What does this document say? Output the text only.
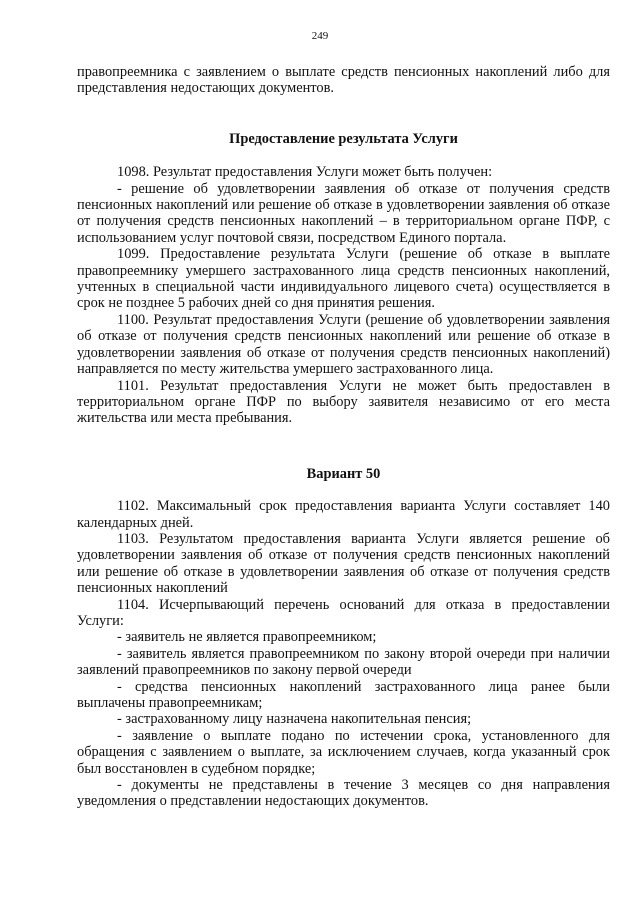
249

правопреемника с заявлением о выплате средств пенсионных накоплений либо для представления недостающих документов.

Предоставление результата Услуги

1098. Результат предоставления Услуги может быть получен:

- решение об удовлетворении заявления об отказе от получения средств пенсионных накоплений или решение об отказе в удовлетворении заявления об отказе от получения средств пенсионных накоплений – в территориальном органе ПФР, с использованием услуг почтовой связи, посредством Единого портала.

1099. Предоставление результата Услуги (решение об отказе в выплате правопреемнику умершего застрахованного лица средств пенсионных накоплений, учтенных в специальной части индивидуального лицевого счета) осуществляется в срок не позднее 5 рабочих дней со дня принятия решения.

1100. Результат предоставления Услуги (решение об удовлетворении заявления об отказе от получения средств пенсионных накоплений или решение об отказе в удовлетворении заявления об отказе от получения средств пенсионных накоплений) направляется по месту жительства умершего застрахованного лица.

1101. Результат предоставления Услуги не может быть предоставлен в территориальном органе ПФР по выбору заявителя независимо от его места жительства или места пребывания.

Вариант 50

1102. Максимальный срок предоставления варианта Услуги составляет 140 календарных дней.

1103. Результатом предоставления варианта Услуги является решение об удовлетворении заявления об отказе от получения средств пенсионных накоплений или решение об отказе в удовлетворении заявления об отказе от получения средств пенсионных накоплений

1104. Исчерпывающий перечень оснований для отказа в предоставлении Услуги:

- заявитель не является правопреемником;

- заявитель является правопреемником по закону второй очереди при наличии заявлений правопреемников по закону первой очереди

- средства пенсионных накоплений застрахованного лица ранее были выплачены правопреемникам;

- застрахованному лицу назначена накопительная пенсия;

- заявление о выплате подано по истечении срока, установленного для обращения с заявлением о выплате, за исключением случаев, когда указанный срок был восстановлен в судебном порядке;

- документы не представлены в течение 3 месяцев со дня направления уведомления о представлении недостающих документов.
